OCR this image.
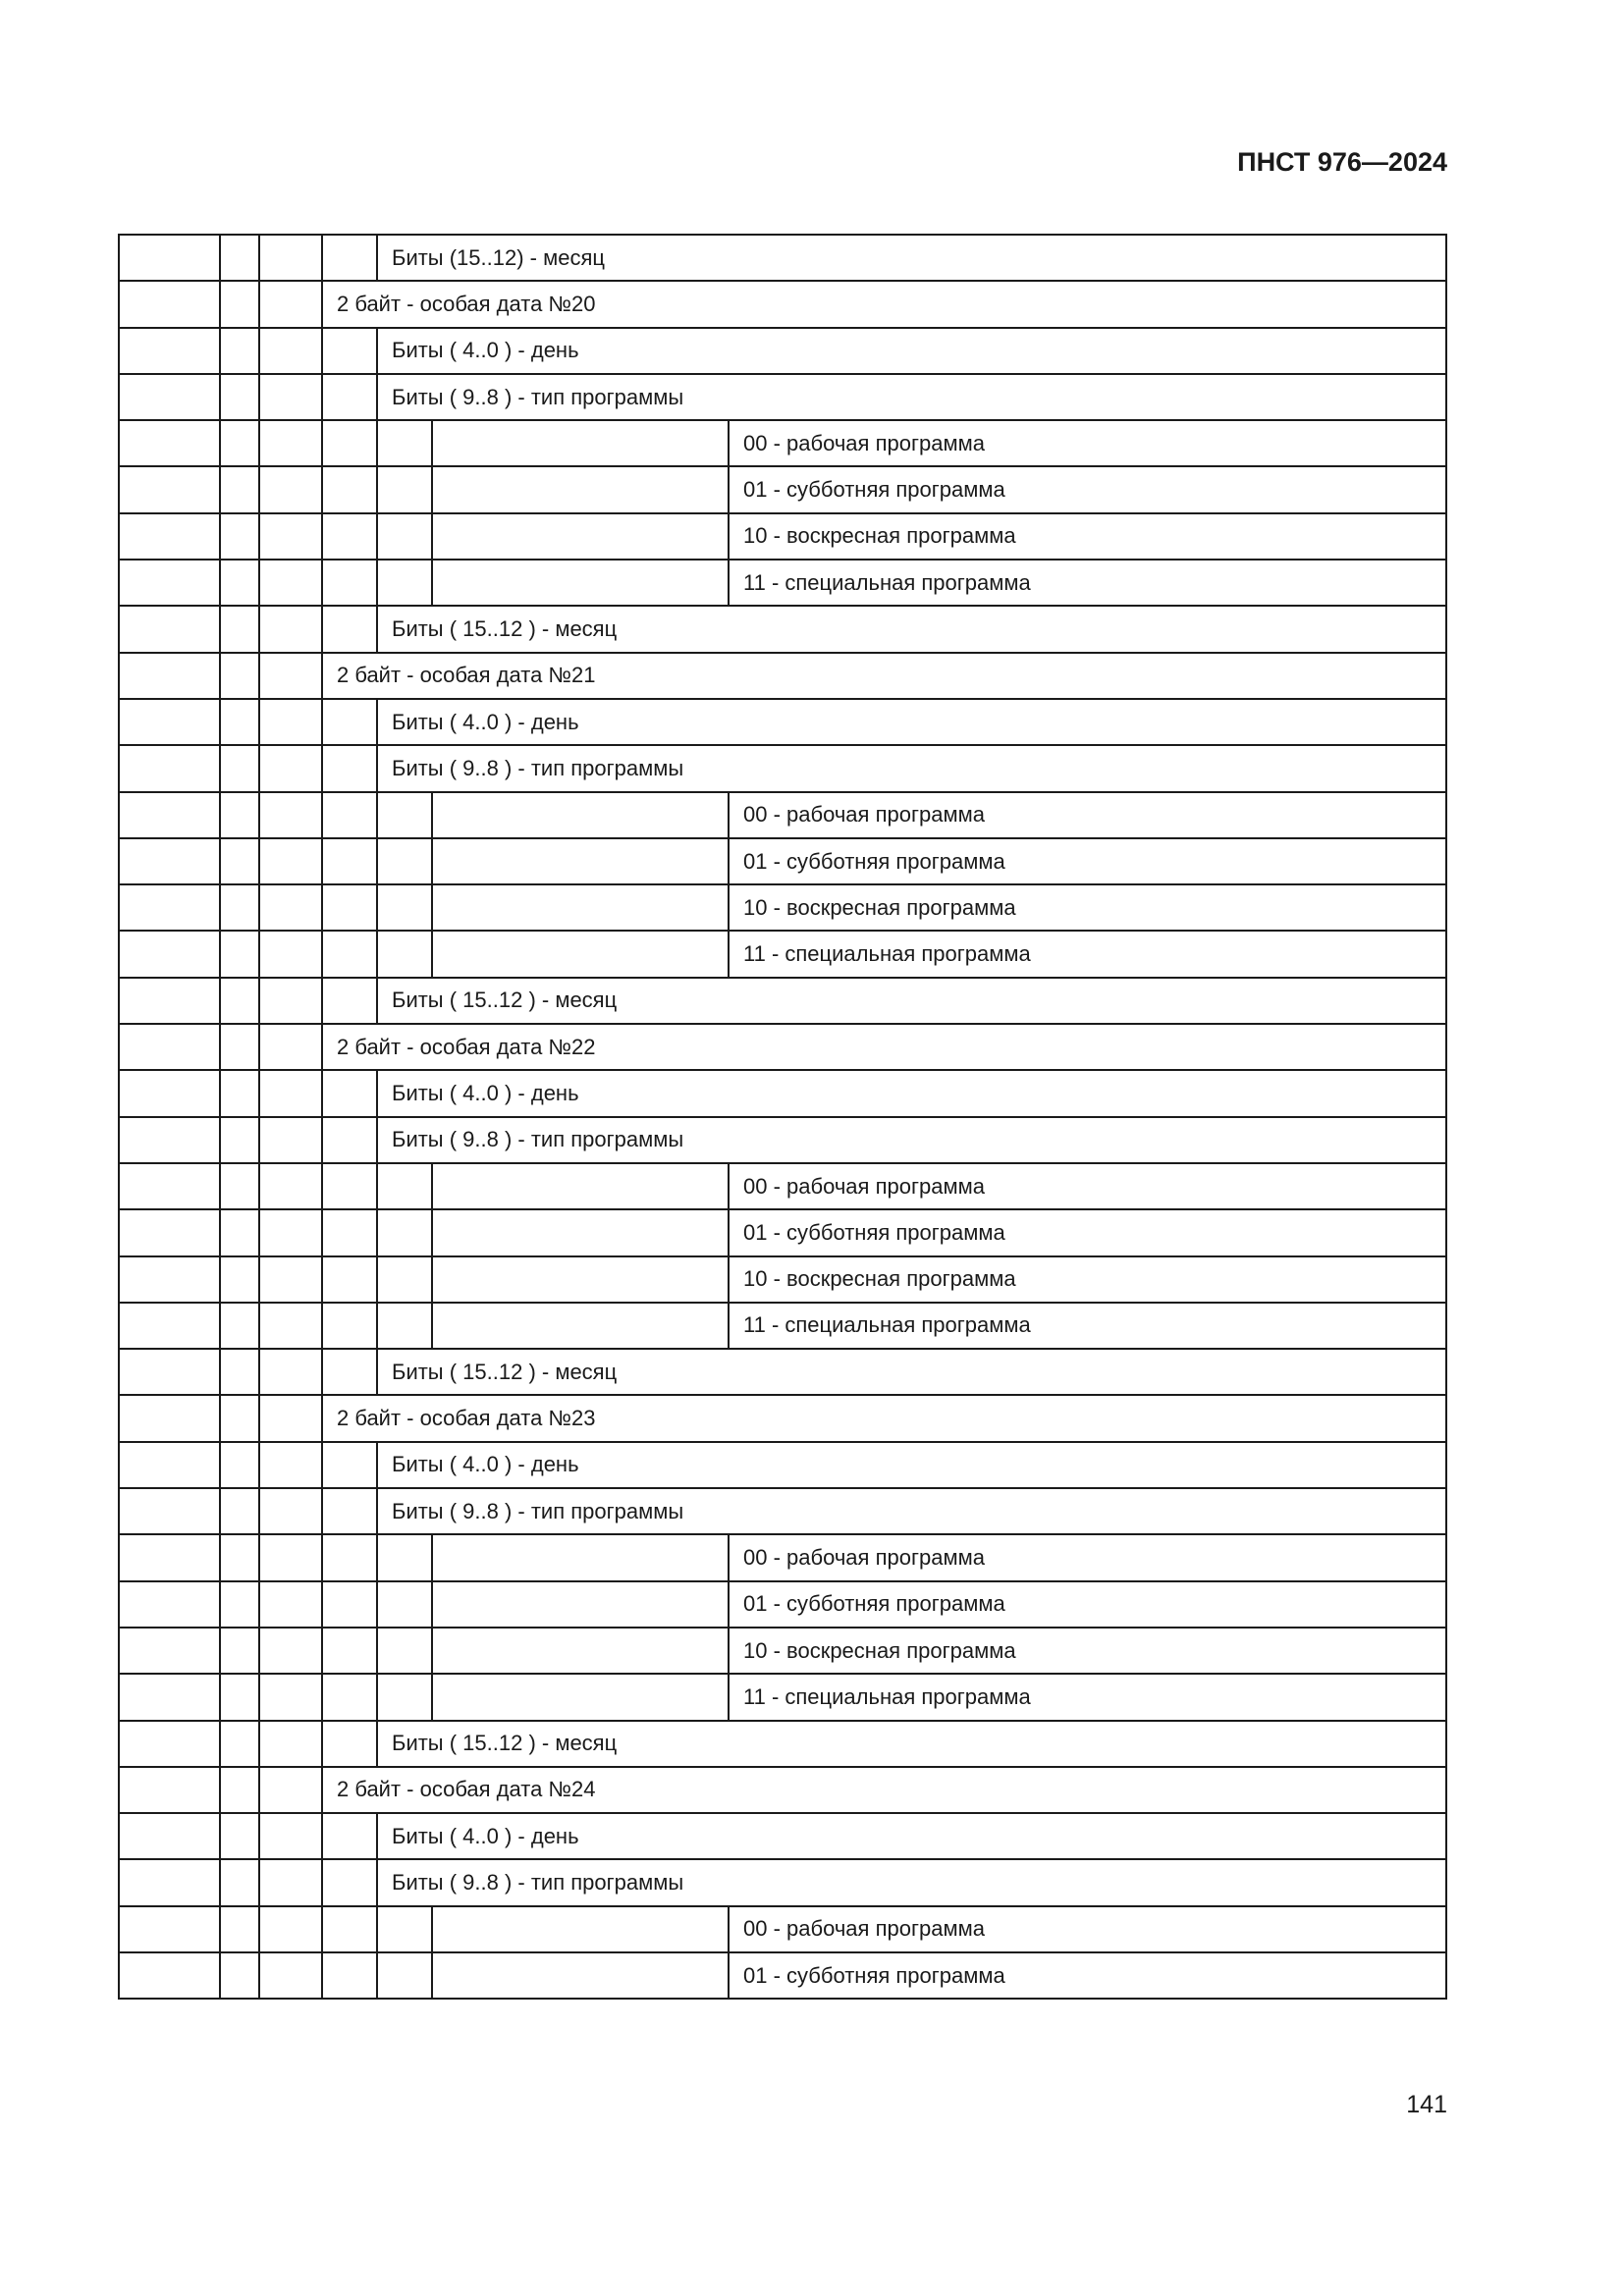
ПНСТ 976—2024
				Биты (15..12) - месяц		
			2 байт - особая дата №20			
				Биты ( 4..0 ) - день		
				Биты ( 9..8 ) - тип программы		
						00 - рабочая программа
						01 - субботняя программа
						10 - воскресная программа
						11 - специальная программа
				Биты ( 15..12 ) - месяц		
			2 байт - особая дата №21			
				Биты ( 4..0 ) - день		
				Биты ( 9..8 ) - тип программы		
						00 - рабочая программа
						01 - субботняя программа
						10 - воскресная программа
						11 - специальная программа
				Биты ( 15..12 ) - месяц		
			2 байт - особая дата №22			
				Биты ( 4..0 ) - день		
				Биты ( 9..8 ) - тип программы		
						00 - рабочая программа
						01 - субботняя программа
						10 - воскресная программа
						11 - специальная программа
				Биты ( 15..12 ) - месяц		
			2 байт - особая дата №23			
				Биты ( 4..0 ) - день		
				Биты ( 9..8 ) - тип программы		
						00 - рабочая программа
						01 - субботняя программа
						10 - воскресная программа
						11 - специальная программа
				Биты ( 15..12 ) - месяц		
			2 байт - особая дата №24			
				Биты ( 4..0 ) - день		
				Биты ( 9..8 ) - тип программы		
						00 - рабочая программа
						01 - субботняя программа
141
